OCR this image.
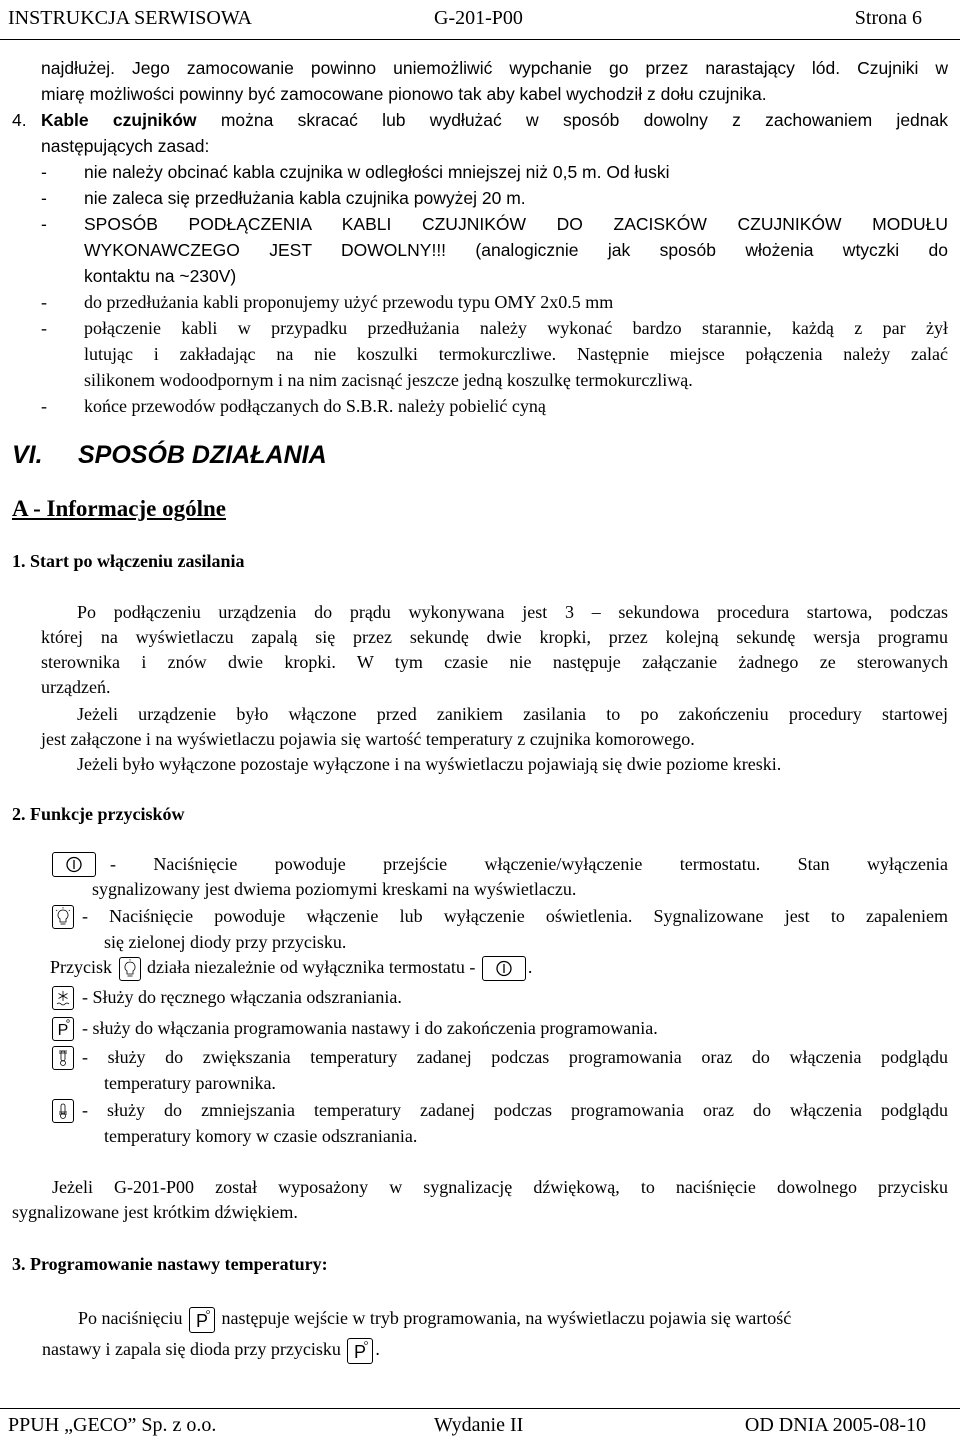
INSTRUKCJA SERWISOWA	G-201-P00	Strona 6
najdłużej. Jego zamocowanie powinno uniemożliwić wypchanie go przez narastający lód. Czujniki w
miarę możliwości powinny być zamocowane pionowo tak aby kabel wychodził z dołu czujnika.
4. Kable czujników można skracać lub wydłużać w sposób dowolny z zachowaniem jednak
następujących zasad:
- nie należy obcinać kabla czujnika w odległości mniejszej niż 0,5 m. Od łuski
- nie zaleca się przedłużania kabla czujnika powyżej 20 m.
- SPOSÓB PODŁĄCZENIA KABLI CZUJNIKÓW DO ZACISKÓW CZUJNIKÓW MODUŁU
WYKONAWCZEGO JEST DOWOLNY!!! (analogicznie jak sposób włożenia wtyczki do
kontaktu na ~230V)
- do przedłużania kabli proponujemy użyć przewodu typu OMY 2x0.5 mm
- połączenie kabli w przypadku przedłużania należy wykonać bardzo starannie, każdą z par żył
lutując i zakładając na nie koszulki termokurczliwe. Następnie miejsce połączenia należy zalać
silikonem wodoodpornym i na nim zacisnąć jeszcze jedną koszulkę termokurczliwą.
- końce przewodów podłączanych do S.B.R. należy pobielić cyną
VI. SPOSÓB DZIAŁANIA
A - Informacje ogólne
1. Start po włączeniu zasilania
Po podłączeniu urządzenia do prądu wykonywana jest 3 – sekundowa procedura startowa, podczas
której na wyświetlaczu zapalą się przez sekundę dwie kropki, przez kolejną sekundę wersja programu
sterownika i znów dwie kropki. W tym czasie nie następuje załączanie żadnego ze sterowanych
urządzeń.
Jeżeli urządzenie było włączone przed zanikiem zasilania to po zakończeniu procedury startowej
jest załączone i na wyświetlaczu pojawia się wartość temperatury z czujnika komorowego.
Jeżeli było wyłączone pozostaje wyłączone i na wyświetlaczu pojawiają się dwie poziome kreski.
2. Funkcje przycisków
- Naciśnięcie powoduje przejście włączenie/wyłączenie termostatu. Stan wyłączenia
sygnalizowany jest dwiema poziomymi kreskami na wyświetlaczu.
- Naciśnięcie powoduje włączenie lub wyłączenie oświetlenia. Sygnalizowane jest to zapaleniem
się zielonej diody przy przycisku.
Przycisk działa niezależnie od wyłącznika termostatu -	.
- Służy do ręcznego włączania odszraniania.
P - służy do włączania programowania nastawy i do zakończenia programowania.
- służy do zwiększania temperatury zadanej podczas programowania oraz do włączenia podglądu
temperatury parownika.
- służy do zmniejszania temperatury zadanej podczas programowania oraz do włączenia podglądu
temperatury komory w czasie odszraniania.
Jeżeli G-201-P00 został wyposażony w sygnalizację dźwiękową, to naciśnięcie dowolnego przycisku
sygnalizowane jest krótkim dźwiękiem.
3. Programowanie nastawy temperatury:
Po naciśnięciu P następuje wejście w tryb programowania, na wyświetlaczu pojawia się wartość
nastawy i zapala się dioda przy przycisku P .
PPUH „GECO” Sp. z o.o.	Wydanie II	OD DNIA 2005-08-10
